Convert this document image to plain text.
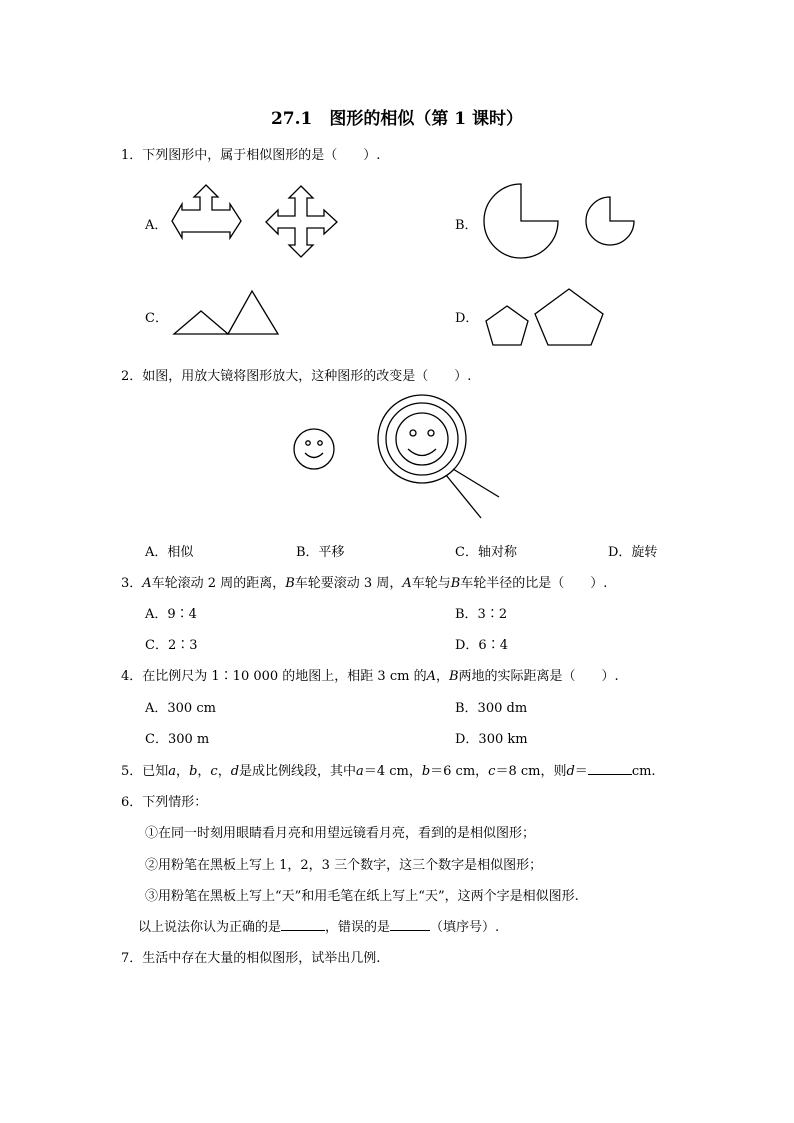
27.1　图形的相似（第 1 课时）
1．下列图形中，属于相似图形的是（　　）.
A．	B．
C．	D．
2．如图，用放大镜将图形放大，这种图形的改变是（　　）.
A．相似	B．平移	C．轴对称	D．旋转
3．A车轮滚动 2 周的距离，B车轮要滚动 3 周，A车轮与B车轮半径的比是（　　）.
A．9∶4	B．3∶2
C．2∶3	D．6∶4
4．在比例尺为 1∶10 000 的地图上，相距 3 cm 的A，B两地的实际距离是（　　）.
A．300 cm	B．300 dm
C．300 m	D．300 km
5．已知a，b，c，d是成比例线段，其中a＝4 cm，b＝6 cm，c＝8 cm，则d＝	cm.
6．下列情形：
①在同一时刻用眼睛看月亮和用望远镜看月亮，看到的是相似图形；
②用粉笔在黑板上写上 1，2，3 三个数字，这三个数字是相似图形；
③用粉笔在黑板上写上“天”和用毛笔在纸上写上“天”，这两个字是相似图形.
以上说法你认为正确的是	，错误的是	（填序号）.
7．生活中存在大量的相似图形，试举出几例.
